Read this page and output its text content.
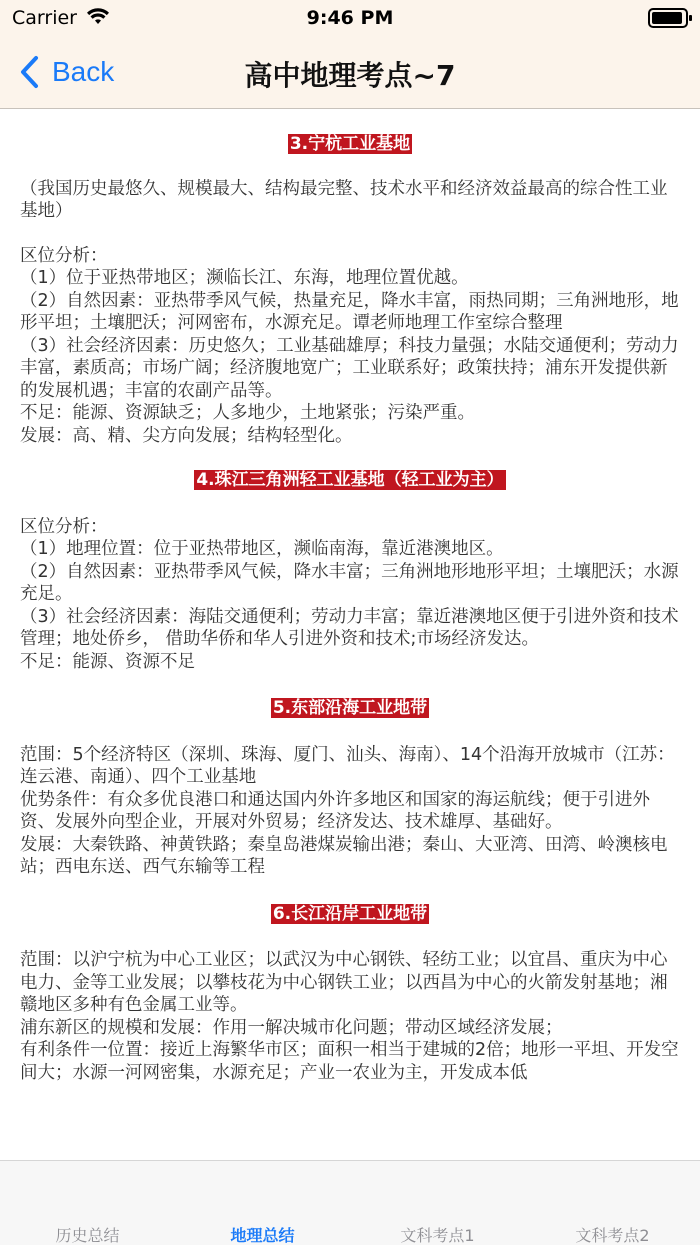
Carrier	9:46 PM
Back	高中地理考点~7
3.宁杭工业基地

（我国历史最悠久、规模最大、结构最完整、技术水平和经济效益最高的综合性工业基地）

区位分析：

（1）位于亚热带地区；濒临长江、东海，地理位置优越。

（2）自然因素：亚热带季风气候，热量充足，降水丰富，雨热同期；三角洲地形，地形平坦；土壤肥沃；河网密布，水源充足。谭老师地理工作室综合整理

（3）社会经济因素：历史悠久；工业基础雄厚；科技力量强；水陆交通便利；劳动力丰富，素质高；市场广阔；经济腹地宽广；工业联系好；政策扶持；浦东开发提供新的发展机遇；丰富的农副产品等。

不足：能源、资源缺乏；人多地少，土地紧张；污染严重。

发展：高、精、尖方向发展；结构轻型化。

4.珠江三角洲轻工业基地（轻工业为主）

区位分析：

（1）地理位置：位于亚热带地区，濒临南海，靠近港澳地区。

（2）自然因素：亚热带季风气候，降水丰富；三角洲地形地形平坦；土壤肥沃；水源充足。

（3）社会经济因素：海陆交通便利；劳动力丰富；靠近港澳地区便于引进外资和技术管理；地处侨乡， 借助华侨和华人引进外资和技术;市场经济发达。

不足：能源、资源不足

5.东部沿海工业地带

范围：5个经济特区（深圳、珠海、厦门、汕头、海南）、14个沿海开放城市（江苏：连云港、南通）、四个工业基地

优势条件：有众多优良港口和通达国内外许多地区和国家的海运航线；便于引进外资、发展外向型企业，开展对外贸易；经济发达、技术雄厚、基础好。

发展：大秦铁路、神黄铁路；秦皇岛港煤炭输出港；秦山、大亚湾、田湾、岭澳核电站；西电东送、西气东输等工程

6.长江沿岸工业地带

范围：以沪宁杭为中心工业区；以武汉为中心钢铁、轻纺工业；以宜昌、重庆为中心电力、金等工业发展；以攀枝花为中心钢铁工业；以西昌为中心的火箭发射基地；湘赣地区多种有色金属工业等。

浦东新区的规模和发展：作用一解决城市化问题；带动区域经济发展；

有利条件一位置：接近上海繁华市区；面积一相当于建城的2倍；地形一平坦、开发空间大；水源一河网密集，水源充足；产业一农业为主，开发成本低

历史总结	地理总结	文科考点1	文科考点2
